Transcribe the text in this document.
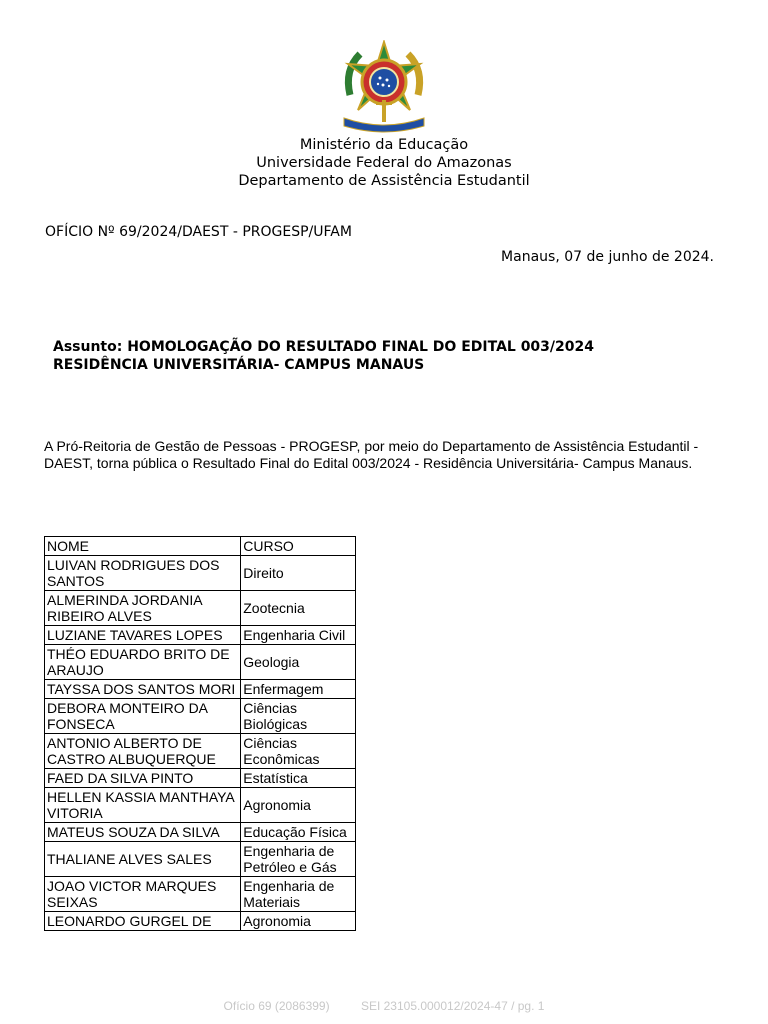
Ministério da Educação
Universidade Federal do Amazonas
Departamento de Assistência Estudantil
OFÍCIO Nº 69/2024/DAEST - PROGESP/UFAM
Manaus, 07 de junho de 2024.
Assunto: HOMOLOGAÇÃO DO RESULTADO FINAL DO EDITAL 003/2024
RESIDÊNCIA UNIVERSITÁRIA- CAMPUS MANAUS
A Pró-Reitoria de Gestão de Pessoas - PROGESP, por meio do Departamento de Assistência Estudantil - DAEST, torna pública o Resultado Final do Edital 003/2024 - Residência Universitária- Campus Manaus.
NOME	CURSO
LUIVAN RODRIGUES DOS SANTOS	Direito
ALMERINDA JORDANIA RIBEIRO ALVES	Zootecnia
LUZIANE TAVARES LOPES	Engenharia Civil
THÉO EDUARDO BRITO DE ARAUJO	Geologia
TAYSSA DOS SANTOS MORI	Enfermagem
DEBORA MONTEIRO DA FONSECA	Ciências Biológicas
ANTONIO ALBERTO DE CASTRO ALBUQUERQUE	Ciências Econômicas
FAED DA SILVA PINTO	Estatística
HELLEN KASSIA MANTHAYA VITORIA	Agronomia
MATEUS SOUZA DA SILVA	Educação Física
THALIANE ALVES SALES	Engenharia de Petróleo e Gás
JOAO VICTOR MARQUES SEIXAS	Engenharia de Materiais
LEONARDO GURGEL DE	Agronomia
Ofício 69 (2086399)	SEI 23105.000012/2024-47 / pg. 1
